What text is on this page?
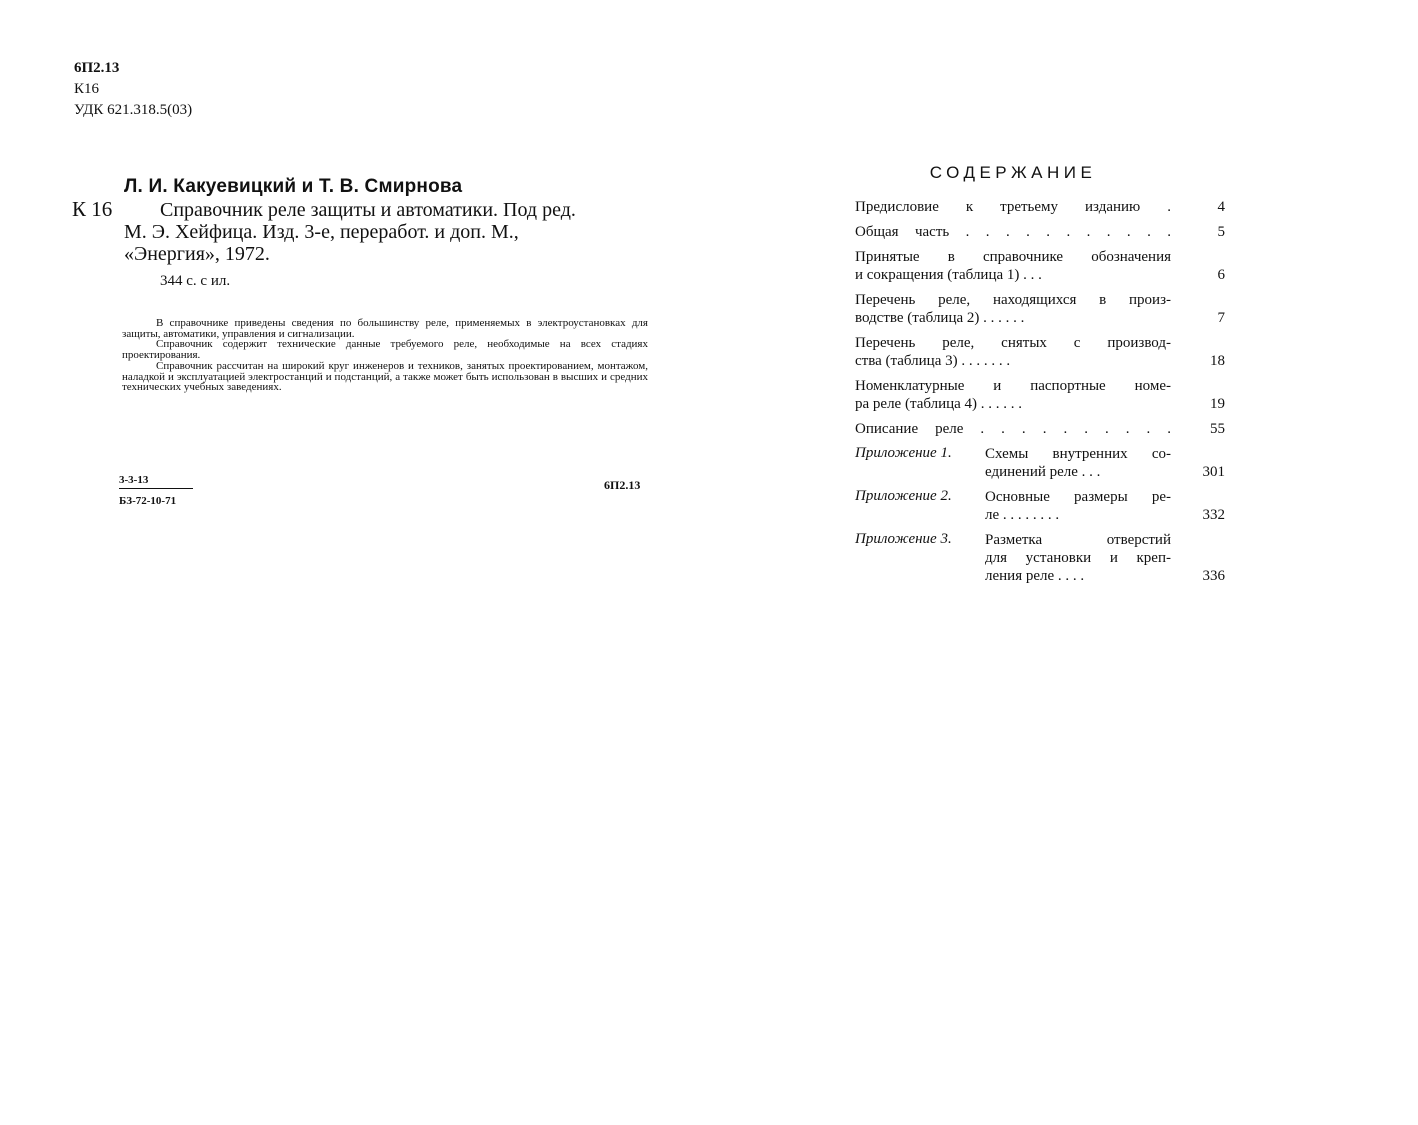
6П2.13
К16
УДК 621.318.5(03)
Л. И. Какуевицкий и Т. В. Смирнова
К 16	Справочник реле защиты и автоматики. Под ред.
М. Э. Хейфица. Изд. 3-е, переработ. и доп. М.,
«Энергия», 1972.
344 с. с ил.

В справочнике приведены сведения по большинству реле, применяемых в электроустановках для защиты, автоматики, управления и сигнализации.

Справочник содержит технические данные требуемого реле, необходимые на всех стадиях проектирования.

Справочник рассчитан на широкий круг инженеров и техников, занятых проектированием, монтажом, наладкой и эксплуатацией электростанций и подстанций, а также может быть использован в высших и средних технических учебных заведениях.

3-3-13
БЗ-72-10-71
6П2.13
СОДЕРЖАНИЕ
Предисловие к третьему изданию .	4
Общая часть . . . . . . . . . . .	5
Принятые в справочнике обозначения
и сокращения (таблица 1) . . .	6
Перечень реле, находящихся в произ-
водстве (таблица 2) . . . . . .	7
Перечень реле, снятых с производ-
ства (таблица 3) . . . . . . .	18
Номенклатурные и паспортные номе-
ра реле (таблица 4) . . . . . .	19
Описание реле . . . . . . . . . .	55
Приложение 1.	Схемы внутренних со-
единений реле . . .	301
Приложение 2.	Основные размеры ре-
ле . . . . . . . .	332
Приложение 3.	Разметка отверстий
для установки и креп-
ления реле . . . .	336
